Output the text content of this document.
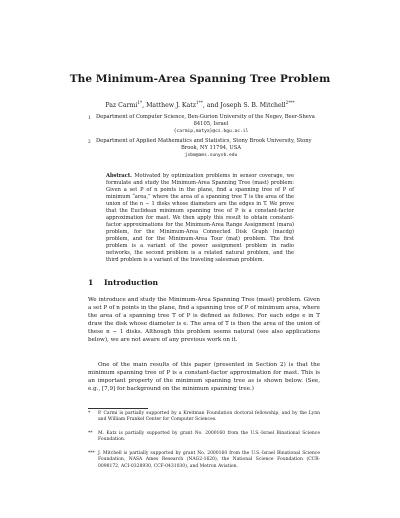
The Minimum-Area Spanning Tree Problem
Paz Carmi$^{1*}$, Matthew J. Katz$^{1**}$, and Joseph S. B. Mitchell$^{2***}$
1 Department of Computer Science, Ben-Gurion University of the Negev, Beer-Sheva
84105, Israel
{carmip,matya}@cs.bgu.ac.il
2 Department of Applied Mathematics and Statistics, Stony Brook University, Stony
Brook, NY 11794, USA
jsbm@ams.sunysb.edu
Abstract. Motivated by optimization problems in sensor coverage, we formulate and study the Minimum-Area Spanning Tree (mast) problem: Given a set P of n points in the plane, find a spanning tree of P of minimum “area,” where the area of a spanning tree T is the area of the union of the n − 1 disks whose diameters are the edges in T. We prove that the Euclidean minimum spanning tree of P is a constant-factor approximation for mast. We then apply this result to obtain constant-factor approximations for the Minimum-Area Range Assignment (mara) problem, for the Minimum-Area Connected Disk Graph (macdg) problem, and for the Minimum-Area Tour (mat) problem. The first problem is a variant of the power assignment problem in radio networks, the second problem is a related natural problem, and the third problem is a variant of the traveling salesman problem.
1 Introduction
We introduce and study the Minimum-Area Spanning Tree (mast) problem. Given a set P of n points in the plane, find a spanning tree of P of minimum area, where the area of a spanning tree T of P is defined as follows. For each edge e in T draw the disk whose diameter is e. The area of T is then the area of the union of these n − 1 disks. Although this problem seems natural (see also applications below), we are not aware of any previous work on it.
One of the main results of this paper (presented in Section 2) is that the minimum spanning tree of P is a constant-factor approximation for mast. This is an important property of the minimum spanning tree as is shown below. (See, e.g., [7,9] for background on the minimum spanning tree.)
* P. Carmi is partially supported by a Kreitman Foundation doctoral fellowship, and by the Lynn and William Frankel Center for Computer Sciences.
** M. Katz is partially supported by grant No. 2000160 from the U.S.-Israel Binational Science Foundation.
*** J. Mitchell is partially supported by grant No. 2000160 from the U.S.-Israel Binational Science Foundation, NASA Ames Research (NAG2-1620), the National Science Foundation (CCR-0098172, ACI-0328930, CCF-0431030), and Metron Aviation.
